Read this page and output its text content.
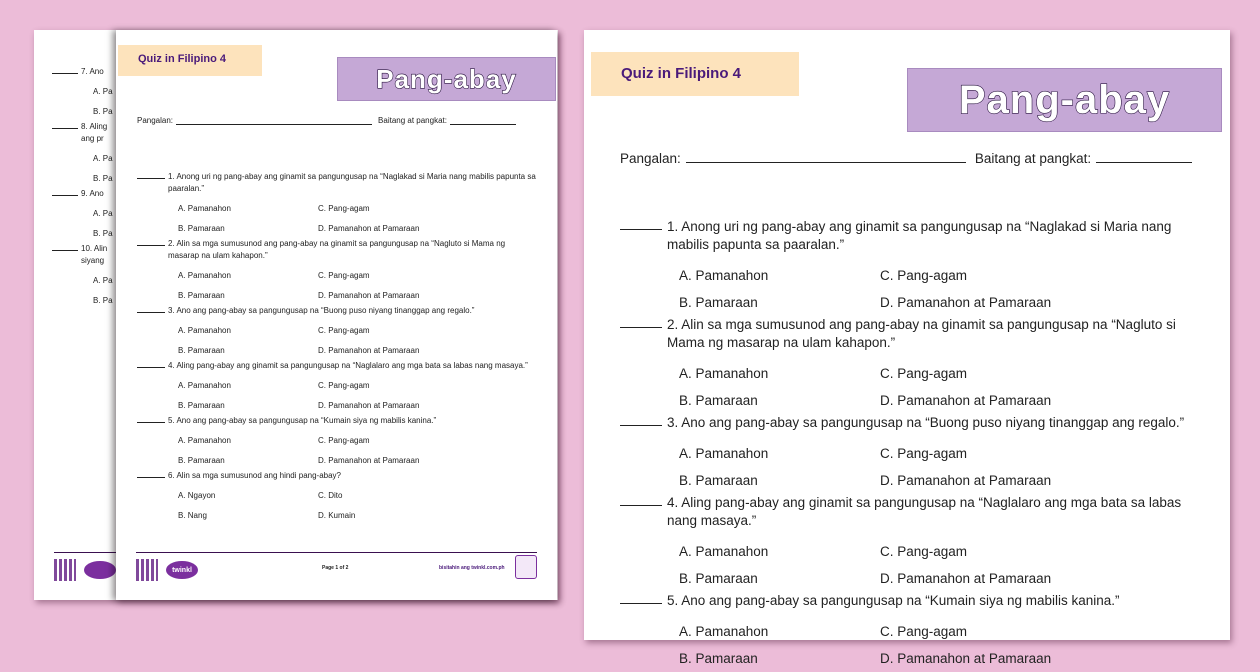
7. Ano
A. Pa
B. Pa
8. Aling ang pr
A. Pa
B. Pa
9. Ano
A. Pa
B. Pa
10. Alin siyang
A. Pa
B. Pa
Quiz in Filipino 4
Pang-abay
Pangalan:	Baitang at pangkat:
1. Anong uri ng pang-abay ang ginamit sa pangungusap na “Naglakad si Maria nang mabilis papunta sa paaralan.”
A. Pamanahon	C. Pang-agam
B. Pamaraan	D. Pamanahon at Pamaraan
2. Alin sa mga sumusunod ang pang-abay na ginamit sa pangungusap na “Nagluto si Mama ng masarap na ulam kahapon.”
A. Pamanahon	C. Pang-agam
B. Pamaraan	D. Pamanahon at Pamaraan
3. Ano ang pang-abay sa pangungusap na “Buong puso niyang tinanggap ang regalo.”
A. Pamanahon	C. Pang-agam
B. Pamaraan	D. Pamanahon at Pamaraan
4. Aling pang-abay ang ginamit sa pangungusap na “Naglalaro ang mga bata sa labas nang masaya.”
A. Pamanahon	C. Pang-agam
B. Pamaraan	D. Pamanahon at Pamaraan
5. Ano ang pang-abay sa pangungusap na “Kumain siya ng mabilis kanina.”
A. Pamanahon	C. Pang-agam
B. Pamaraan	D. Pamanahon at Pamaraan
6. Alin sa mga sumusunod ang hindi pang-abay?
A. Ngayon	C. Dito
B. Nang	D. Kumain
twinkl	Page 1 of 2	bisitahin ang twinkl.com.ph
Quiz in Filipino 4
Pang-abay
Pangalan:	Baitang at pangkat:
1. Anong uri ng pang-abay ang ginamit sa pangungusap na “Naglakad si Maria nang mabilis papunta sa paaralan.”
A. Pamanahon	C. Pang-agam
B. Pamaraan	D. Pamanahon at Pamaraan
2. Alin sa mga sumusunod ang pang-abay na ginamit sa pangungusap na “Nagluto si Mama ng masarap na ulam kahapon.”
A. Pamanahon	C. Pang-agam
B. Pamaraan	D. Pamanahon at Pamaraan
3. Ano ang pang-abay sa pangungusap na “Buong puso niyang tinanggap ang regalo.”
A. Pamanahon	C. Pang-agam
B. Pamaraan	D. Pamanahon at Pamaraan
4. Aling pang-abay ang ginamit sa pangungusap na “Naglalaro ang mga bata sa labas nang masaya.”
A. Pamanahon	C. Pang-agam
B. Pamaraan	D. Pamanahon at Pamaraan
5. Ano ang pang-abay sa pangungusap na “Kumain siya ng mabilis kanina.”
A. Pamanahon	C. Pang-agam
B. Pamaraan	D. Pamanahon at Pamaraan
